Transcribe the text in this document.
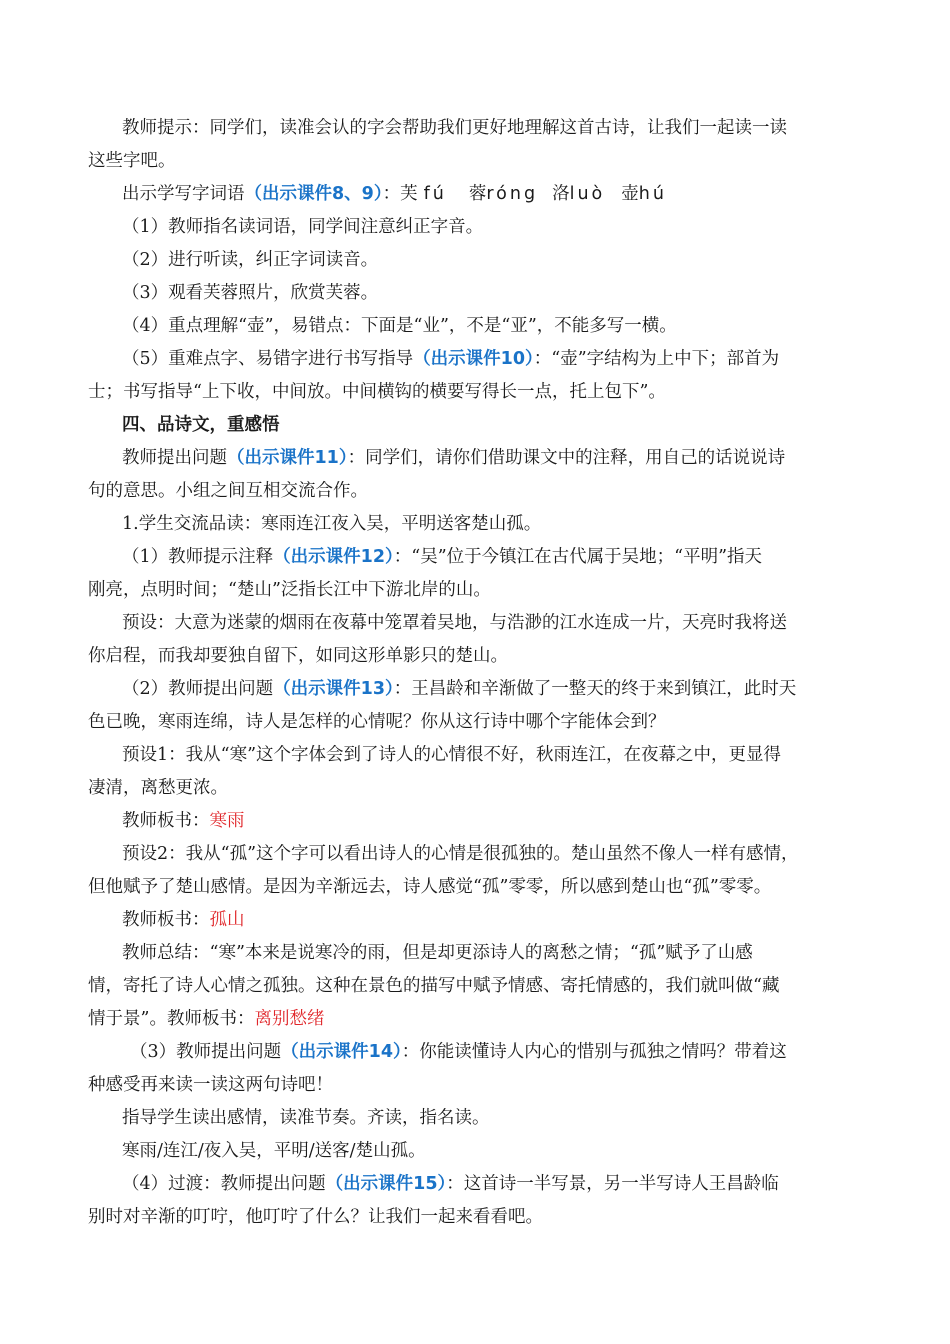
教师提示：同学们，读准会认的字会帮助我们更好地理解这首古诗，让我们一起读一读
这些字吧。
出示学写字词语（出示课件8、9）：芙 fú 蓉róng 洛luò 壶hú
（1）教师指名读词语，同学间注意纠正字音。
（2）进行听读，纠正字词读音。
（3）观看芙蓉照片，欣赏芙蓉。
（4）重点理解“壶”，易错点：下面是“业”，不是“亚”，不能多写一横。
（5）重难点字、易错字进行书写指导（出示课件10）：“壶”字结构为上中下；部首为
士；书写指导“上下收，中间放。中间横钩的横要写得长一点，托上包下”。
四、品诗文，重感悟
教师提出问题（出示课件11）：同学们，请你们借助课文中的注释，用自己的话说说诗
句的意思。小组之间互相交流合作。
1.学生交流品读：寒雨连江夜入吴，平明送客楚山孤。
（1）教师提示注释（出示课件12）：“吴”位于今镇江在古代属于吴地；“平明”指天
刚亮，点明时间；“楚山”泛指长江中下游北岸的山。
预设：大意为迷蒙的烟雨在夜幕中笼罩着吴地，与浩渺的江水连成一片，天亮时我将送
你启程，而我却要独自留下，如同这形单影只的楚山。
（2）教师提出问题（出示课件13）：王昌龄和辛渐做了一整天的终于来到镇江，此时天
色已晚，寒雨连绵，诗人是怎样的心情呢？你从这行诗中哪个字能体会到？
预设1：我从“寒”这个字体会到了诗人的心情很不好，秋雨连江，在夜幕之中，更显得
凄清，离愁更浓。
教师板书：寒雨
预设2：我从“孤”这个字可以看出诗人的心情是很孤独的。楚山虽然不像人一样有感情，
但他赋予了楚山感情。是因为辛渐远去，诗人感觉“孤”零零，所以感到楚山也“孤”零零。
教师板书：孤山
教师总结：“寒”本来是说寒冷的雨，但是却更添诗人的离愁之情；“孤”赋予了山感
情，寄托了诗人心情之孤独。这种在景色的描写中赋予情感、寄托情感的，我们就叫做“藏
情于景”。教师板书：离别愁绪
（3）教师提出问题（出示课件14）：你能读懂诗人内心的惜别与孤独之情吗？带着这
种感受再来读一读这两句诗吧！
指导学生读出感情，读准节奏。齐读，指名读。
寒雨/连江/夜入吴，平明/送客/楚山孤。
（4）过渡：教师提出问题（出示课件15）：这首诗一半写景，另一半写诗人王昌龄临
别时对辛渐的叮咛，他叮咛了什么？让我们一起来看看吧。
